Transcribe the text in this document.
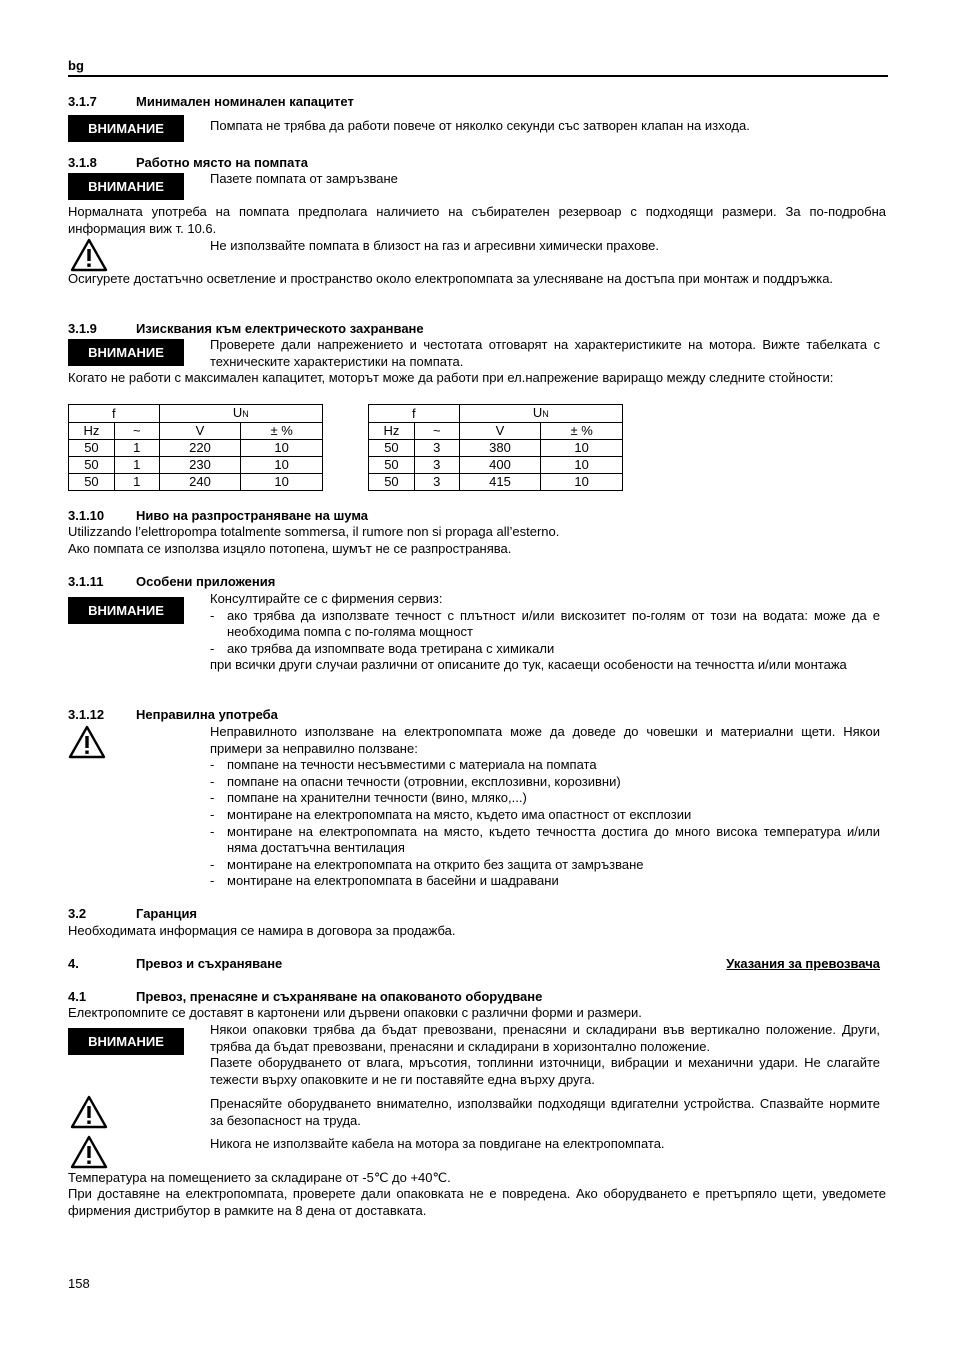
bg
3.1.7	Минимален номинален капацитет
ВНИМАНИЕ	Помпата не трябва да работи повече от няколко секунди със затворен клапан на изхода.
3.1.8	Работно място на помпата
ВНИМАНИЕ
Пазете помпата от замръзване
Нормалната употреба на помпата предполага наличието на събирателен резервоар с подходящи размери. За по-подробна информация виж т. 10.6.
Не използвайте помпата в близост на газ и агресивни химически прахове.
Осигурете достатъчно осветление и пространство около електропомпата за улесняване на достъпа при монтаж и поддръжка.
3.1.9	Изисквания към електрическото захранване
ВНИМАНИЕ
Проверете дали напрежението и честотата отговарят на характеристиките на мотора. Вижте табелката с техническите характеристики на помпата.
Когато не работи с максимален капацитет, моторът може да работи при ел.напрежение вариращо между следните стойности:
f		UN	
Hz	~	V	± %
50	1	220	10
50	1	230	10
50	1	240	10
f		UN	
Hz	~	V	± %
50	3	380	10
50	3	400	10
50	3	415	10
3.1.10 Ниво на разпространяване на шума
Utilizzando l’elettropompa totalmente sommersa, il rumore non si propaga all’esterno.
Ако помпата се използва изцяло потопена, шумът не се разпространява.
3.1.11	Особени приложения
ВНИМАНИЕ
Консултирайте се с фирмения сервиз:
- ако трябва да използвате течност с плътност и/или вискозитет по-голям от този на водата: може да е необходима помпа с по-голяма мощност
- ако трябва да изпомпвате вода третирана с химикали
при всички други случаи различни от описаните до тук, касаещи особености на течността и/или монтажа
3.1.12 Неправилна употреба
Неправилното използване на електропомпата може да доведе до човешки и материални щети. Някои примери за неправилно ползване:
- помпане на течности несъвместими с материала на помпата
- помпане на опасни течности (отровнии, експлозивни, корозивни)
- помпане на хранителни течности (вино, мляко,...)
- монтиране на електропомпата на място, където има опастност от експлозии
- монтиране на електропомпата на място, където течността достига до много висока температура и/или няма достатъчна вентилация
- монтиране на електропомпата на открито без защита от замръзване
- монтиране на електропомпата в басейни и шадравани
3.2	Гаранция
Необходимата информация се намира в договора за продажба.
4.	Превоз и съхраняване	Указания за превозвача
4.1	Превоз, пренасяне и съхраняване на опакованото оборудване
Електропомпите се доставят в картонени или дървени опаковки с различни форми и размери.
ВНИМАНИЕ
Някои опаковки трябва да бъдат превозвани, пренасяни и складирани във вертикално положение. Други, трябва да бъдат превозвани, пренасяни и складирани в хоризонтално положение.
Пазете оборудването от влага, мръсотия, топлинни източници, вибрации и механични удари. Не слагайте тежести върху опаковките и не ги поставяйте една върху друга.
Пренасяйте оборудването внимателно, използвайки подходящи вдигателни устройства. Спазвайте нормите за безопасност на труда.
Никога не използвайте кабела на мотора за повдигане на електропомпата.
Температура на помещението за складиране от -5℃ до +40℃.
При доставяне на електропомпата, проверете дали опаковката не е повредена. Ако оборудването е претърпяло щети, уведомете фирмения дистрибутор в рамките на 8 дена от доставката.
158
